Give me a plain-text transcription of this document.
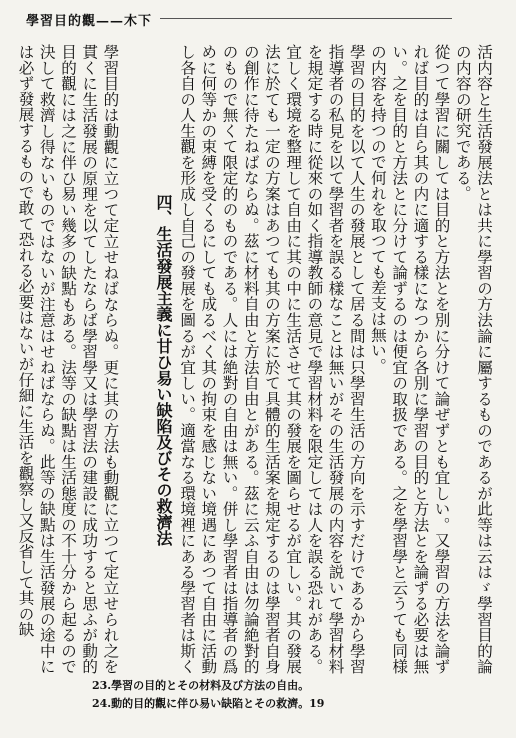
學習目的觀——木下

活内容と生活發展法とは共に學習の方法論に屬するものであるが此等は云はゞ學習目的論の内容の研究である。

從つて學習に關しては目的と方法とを別に分けて論ぜずとも宜しい。又學習の方法を論ずれば目的は自ら其の内に適する樣になつから各別に學習の目的と方法とを論ずる必要は無い。之を目的と方法とに分けて論ずるのは便宜の取扱である。之を學習學と云うても同様の内容を持つので何れを取つても差支は無い。

學習の目的を以て人生の發展として居る間は只學習生活の方向を示すだけであるから學習指導者の私見を以て學習者を誤る樣なことは無いがその生活發展の内容を説いて學習材料を規定する時に從來の如く指導教師の意見で學習材料を限定しては人を誤る恐れがある。宜しく環境を整理して自由に其の中に生活させて其の發展を圖らせるが宜しい。其の發展法に於ても一定の方案はあつても其の方案に於て具體的生活案を規定するのは學習者自身の創作に待たねばならぬ。茲に材料自由と方法自由とがある。茲に云ふ自由は勿論絶對的のもので無くて限定的のものである。人には絶對の自由は無い。併し學習者は指導者の爲めに何等かの束縛を受くるにしても成るべく其の拘束を感じない境遇にあつて自由に活動し各自の人生觀を形成し自己の發展を圖るが宜しい。適當なる環境裡にある學習者は斯く

四、生活發展主義に甘ひ易い缺陷及びその救濟法

學習目的は動觀に立つて定立せねばならぬ。更に其の方法も動觀に立つて定立せられ之を貫くに生活發展の原理を以てしたならば學習學又は學習法の建設に成功すると思ふが動的目的觀には之に伴ひ易い幾多の缺點もある。法等の缺點は生活態度の不十分から起るので決して救濟し得ないものではないが注意はせねばならぬ。此等の缺點は生活發展の途中には必ず發展するもので敢て恐れる必要はないが仔細に生活を觀察し又反省して其の缺

23.學習の目的とその材料及び方法の自由。
24.動的目的觀に伴ひ易い缺陷とその救濟。19
